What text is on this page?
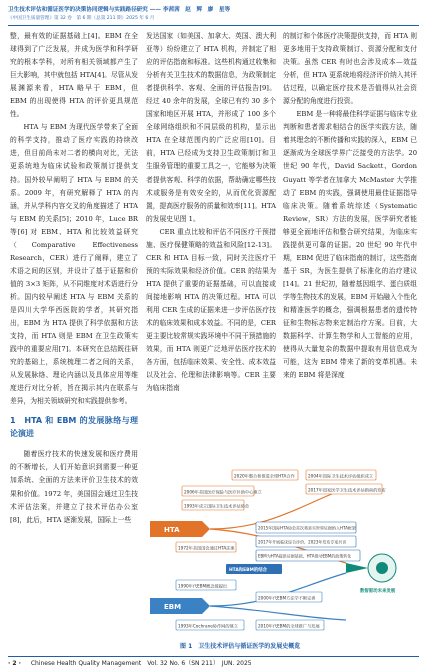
卫生技术评估和循证医学的决策协同逻辑与实践路径研究 —— 李茜茜　赵　辉　廖　星等
《中国卫生质量管理》第 32 卷　第 6 期（总第 211 期）2025 年 6 月

整，最有效的证据基础上[4]。EBM 在全球得到了广泛发展，并成为医学和科学研究的根本学科，对所有相关领域都产生了巨大影响，其中就包括 HTA[4]。尽管从发展渊源来看，HTA 略早于 EBM，但 EBM 的出现使得 HTA 的评价更具规范性。

HTA 与 EBM 为现代医学带来了全面的科学支持，推动了医疗实践的持续改进，但目前尚未对二者的横向对比，无法更系统地为临床试验和政策制订提供支持。国外较早阐明了 HTA 与 EBM 的关系。2009 年，有研究解释了 HTA 的内涵，并从学科内容交叉的角度描述了 HTA 与 EBM 的关系[5]；2010 年，Luce BR 等[6] 对 EBM、HTA 和比较效益研究（Comparative Effectiveness Research，CER）进行了阐释，建立了术语之间的区别，并设计了基于证据和价值的 3×3 矩阵，从不同维度对术语进行分析。国内较早阐述 HTA 与 EBM 关系的是四川大学华西医院的学者，其研究指出，EBM 为 HTA 提供了科学依据和方法支持，而 HTA 则是 EBM 在卫生政策实践中的重要应用[7]。本研究在总结既往研究的基础上，系统梳理二者之间的关系，从发展脉络、理论内涵以及具体应用等维度进行对比分析，旨在揭示其内在联系与差异，为相关领域研究和实践提供参考。

1　HTA 和 EBM 的发展脉络与理论演进

随着医疗技术的快速发展和医疗费用的不断增长，人们开始意识到需要一种更加系统、全面的方法来评价卫生技术的效果和价值。1972 年，美国国会通过卫生技术评估法案，并建立了技术评估办公室[8]，此后，HTA 逐渐发展，国际上一些

发达国家（如美国、加拿大、英国、澳大利亚等）纷纷建立了 HTA 机构，并制定了相应的评估指南和标准。这些机构通过收集和分析有关卫生技术的数据信息，为政策制定者提供科学、客观、全面的评估报告[9]。经过 40 余年的发展，全球已有约 30 多个国家和地区开展 HTA，并形成了 100 多个全球网络组织和不同层级的机构，显示出 HTA 在全球范围内的广泛应用[10]。目前，HTA 已经成为支持卫生政策制订和卫生服务管理的重要工具之一，它能够为决策者提供客观、科学的依据，帮助确定哪些技术或服务是有效安全的，从而优化资源配置，提高医疗服务的质量和效率[11]。HTA 的发展史见图 1。

CER 重点比较和评估不同医疗干预措施、医疗保健策略的效益和风险[12-13]。CER 和 HTA 目标一致，同时关注医疗干预的实际效果和经济价值。CER 的结果为 HTA 提供了重要的证据基础，可以直接或间接地影响 HTA 的决策过程。HTA 可以利用 CER 生成的证据来进一步评估医疗技术的临床效果和成本效益。不同的是，CER 更主要比较常规实践环境中不同干预措施的效果，而 HTA 则更广泛地评估医疗技术的各方面，包括临床效果、安全性、成本效益以及社会、伦理和法律影响等。CER 主要为临床指南

的制订和个体医疗决策提供支持，而 HTA 则更多地用于支持政策制订、资源分配和支付决策。虽然 CER 有时也会涉及成本—效益分析，但 HTA 更系统地将经济评价纳入其评估过程，以确定医疗技术是否值得从社会资源分配的角度进行投资。

EBM 是一种将最佳科学证据与临床专业判断和患者需求相结合的医学实践方法，随着其理念的不断传播和实践的深入，EBM 已逐渐成为全球医学界广泛接受的方法学。20 世纪 90 年代，David Sackett、Gordon Guyatt 等学者在加拿大 McMaster 大学推动了 EBM 的实践，强调使用最佳证据指导临床决策。随着系统综述（Systematic Review，SR）方法的发展，医学研究者能够更全面地评估和整合研究结果，为临床实践提供更可靠的证据。20 世纪 90 年代中期，EBM 促进了临床指南的制订，这些指南基于 SR，为医生提供了标准化的治疗建议[14]。21 世纪初，随着基因组学、蛋白质组学等生物技术的发展，EBM 开始融入个性化和精准医学的概念，强调根据患者的遗传特征和生物标志物来定制治疗方案。目前，大数据科学、计算生物学和人工智能的应用，使得从大量复杂的数据中提取有用信息成为可能，这为 EBM 带来了新的变革机遇。未来的 EBM 将是深度

HTA
EBM
2020年整合和推进全球HTA合作
2006年美国医疗保险与医疗补助中心建立
1993年成立国际卫生技术评估协会
1972年美国国会通过HTA法案
2004年国际卫生技术评估组织成立
2017年国家医学卫生技术评估指南的发布
2015年国际HTA协会首次将真实世界证据纳入HTA框架
2017年开展临床综合评价，2023年发布专家共识
EBM为HTA提供证据基础，HTA推动EBM的政策转化
HTA和EBM的结合
1990年代EBM概念被提出
1993年Cochrane协作网的建立
2000年代EBM方法学不断完善
2010年代EBM的全球推广与发展
数智驱动未来发展
图 1　卫生技术评估与循证医学的发展史概览
· 2 · Chinese Health Quality Management　Vol. 32 No. 6（SN 211）　JUN. 2025
